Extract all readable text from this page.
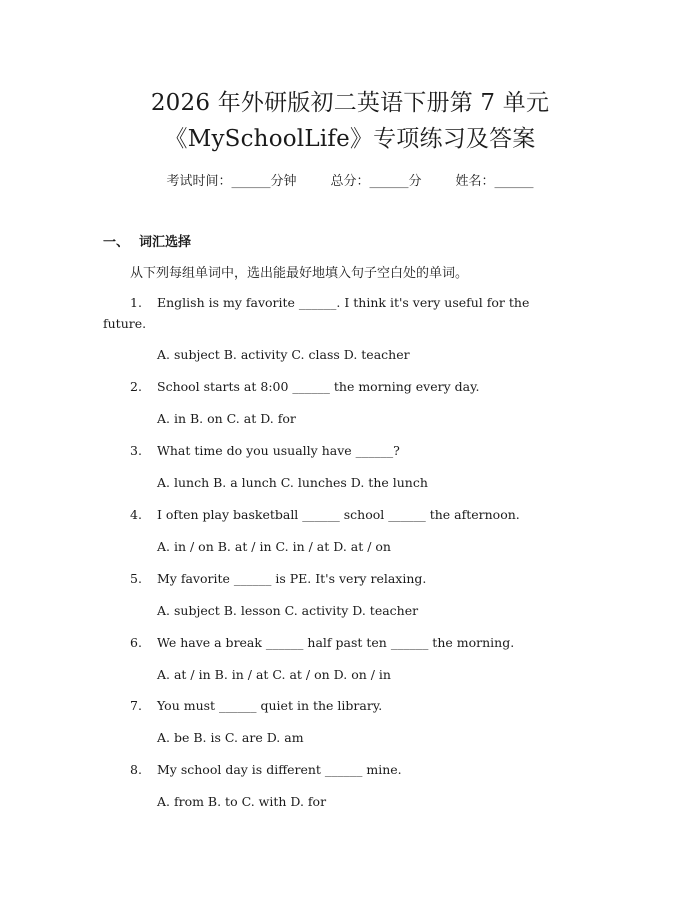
2026 年外研版初二英语下册第 7 单元
《MySchoolLife》专项练习及答案
考试时间：______分钟	总分：______分	姓名：______
一、 词汇选择
从下列每组单词中，选出能最好地填入句子空白处的单词。
1.	English is my favorite ______. I think it's very useful for the
future.
A. subject B. activity C. class D. teacher
2.	School starts at 8:00 ______ the morning every day.
A. in B. on C. at D. for
3.	What time do you usually have ______?
A. lunch B. a lunch C. lunches D. the lunch
4.	I often play basketball ______ school ______ the afternoon.
A. in / on B. at / in C. in / at D. at / on
5.	My favorite ______ is PE. It's very relaxing.
A. subject B. lesson C. activity D. teacher
6.	We have a break ______ half past ten ______ the morning.
A. at / in B. in / at C. at / on D. on / in
7.	You must ______ quiet in the library.
A. be B. is C. are D. am
8.	My school day is different ______ mine.
A. from B. to C. with D. for
